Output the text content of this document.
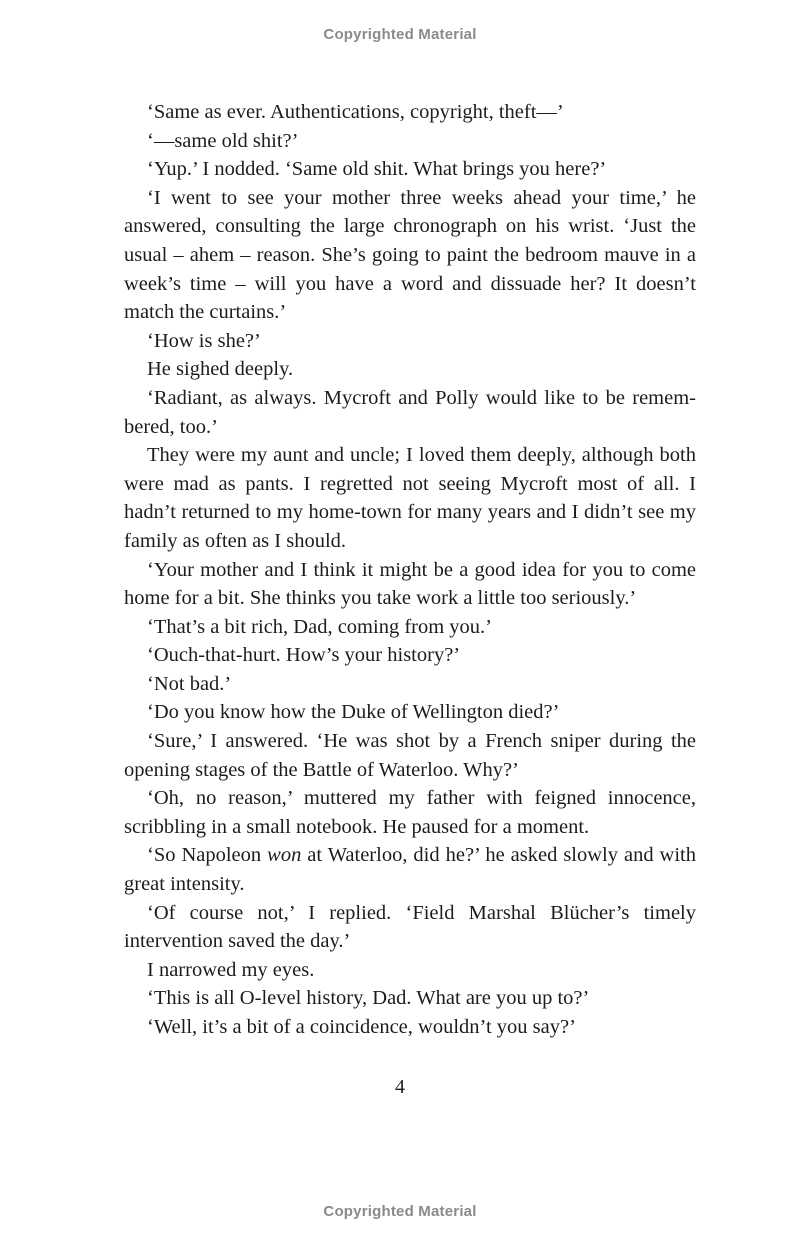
Copyrighted Material

‘Same as ever. Authentications, copyright, theft—’

‘—same old shit?’

‘Yup.’ I nodded. ‘Same old shit. What brings you here?’

‘I went to see your mother three weeks ahead your time,’ he answered, consulting the large chronograph on his wrist. ‘Just the usual – ahem – reason. She’s going to paint the bedroom mauve in a week’s time – will you have a word and dissuade her? It doesn’t match the curtains.’

‘How is she?’

He sighed deeply.

‘Radiant, as always. Mycroft and Polly would like to be remembered, too.’

They were my aunt and uncle; I loved them deeply, although both were mad as pants. I regretted not seeing Mycroft most of all. I hadn’t returned to my home-town for many years and I didn’t see my family as often as I should.

‘Your mother and I think it might be a good idea for you to come home for a bit. She thinks you take work a little too seriously.’

‘That’s a bit rich, Dad, coming from you.’

‘Ouch-that-hurt. How’s your history?’

‘Not bad.’

‘Do you know how the Duke of Wellington died?’

‘Sure,’ I answered. ‘He was shot by a French sniper during the opening stages of the Battle of Waterloo. Why?’

‘Oh, no reason,’ muttered my father with feigned innocence, scribbling in a small notebook. He paused for a moment.

‘So Napoleon won at Waterloo, did he?’ he asked slowly and with great intensity.

‘Of course not,’ I replied. ‘Field Marshal Blücher’s timely intervention saved the day.’

I narrowed my eyes.

‘This is all O-level history, Dad. What are you up to?’

‘Well, it’s a bit of a coincidence, wouldn’t you say?’

4
Copyrighted Material
